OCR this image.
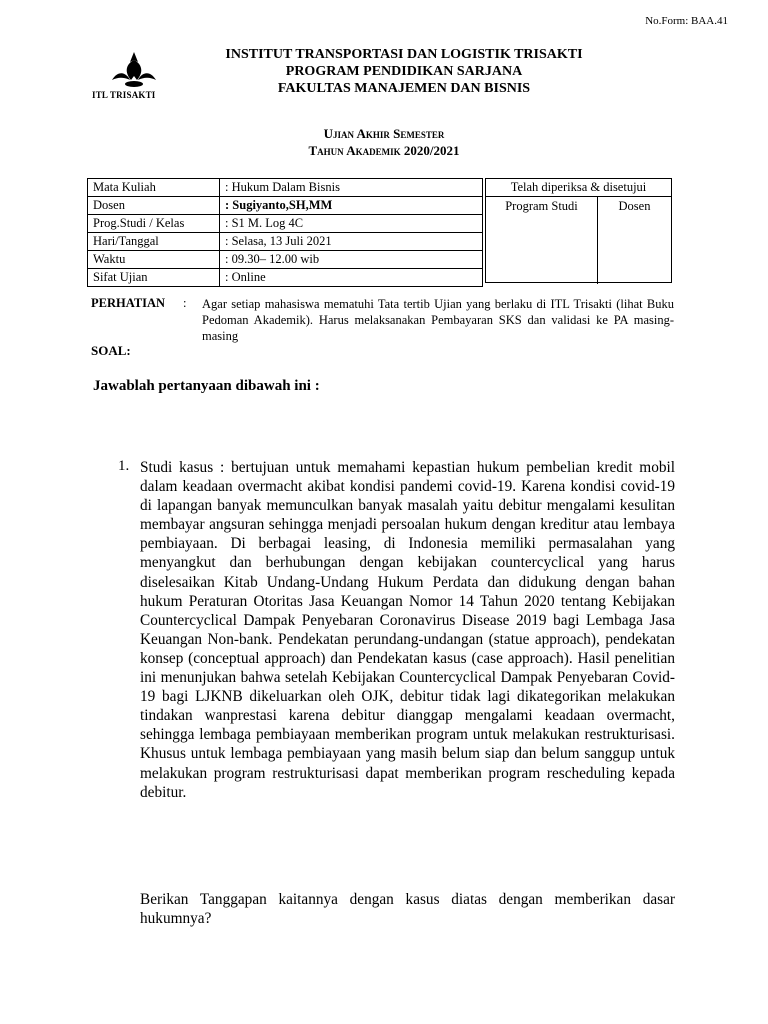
No.Form: BAA.41
ITL TRISAKTI
INSTITUT TRANSPORTASI DAN LOGISTIK TRISAKTI
PROGRAM PENDIDIKAN SARJANA
FAKULTAS MANAJEMEN DAN BISNIS
Ujian Akhir Semester
Tahun Akademik 2020/2021
Mata Kuliah	: Hukum Dalam Bisnis
Dosen	: Sugiyanto,SH,MM
Prog.Studi / Kelas	: S1 M. Log 4C
Hari/Tanggal	: Selasa, 13 Juli 2021
Waktu	: 09.30– 12.00 wib
Sifat Ujian	: Online
Telah diperiksa & disetujui
Program Studi	Dosen
PERHATIAN : Agar setiap mahasiswa mematuhi Tata tertib Ujian yang berlaku di ITL Trisakti (lihat Buku Pedoman Akademik). Harus melaksanakan Pembayaran SKS dan validasi ke PA masing-masing
SOAL:
Jawablah pertanyaan dibawah ini :
1. Studi kasus : bertujuan untuk memahami kepastian hukum pembelian kredit mobil dalam keadaan overmacht akibat kondisi pandemi covid-19. Karena kondisi covid-19 di lapangan banyak memunculkan banyak masalah yaitu debitur mengalami kesulitan membayar angsuran sehingga menjadi persoalan hukum dengan kreditur atau lembaya pembiayaan. Di berbagai leasing, di Indonesia memiliki permasalahan yang menyangkut dan berhubungan dengan kebijakan countercyclical yang harus diselesaikan Kitab Undang-Undang Hukum Perdata dan didukung dengan bahan hukum Peraturan Otoritas Jasa Keuangan Nomor 14 Tahun 2020 tentang Kebijakan Countercyclical Dampak Penyebaran Coronavirus Disease 2019 bagi Lembaga Jasa Keuangan Non-bank. Pendekatan perundang-undangan (statue approach), pendekatan konsep (conceptual approach) dan Pendekatan kasus (case approach). Hasil penelitian ini menunjukan bahwa setelah Kebijakan Countercyclical Dampak Penyebaran Covid-19 bagi LJKNB dikeluarkan oleh OJK, debitur tidak lagi dikategorikan melakukan tindakan wanprestasi karena debitur dianggap mengalami keadaan overmacht, sehingga lembaga pembiayaan memberikan program untuk melakukan restrukturisasi. Khusus untuk lembaga pembiayaan yang masih belum siap dan belum sanggup untuk melakukan program restrukturisasi dapat memberikan program rescheduling kepada debitur.
Berikan Tanggapan kaitannya dengan kasus diatas dengan memberikan dasar hukumnya?
